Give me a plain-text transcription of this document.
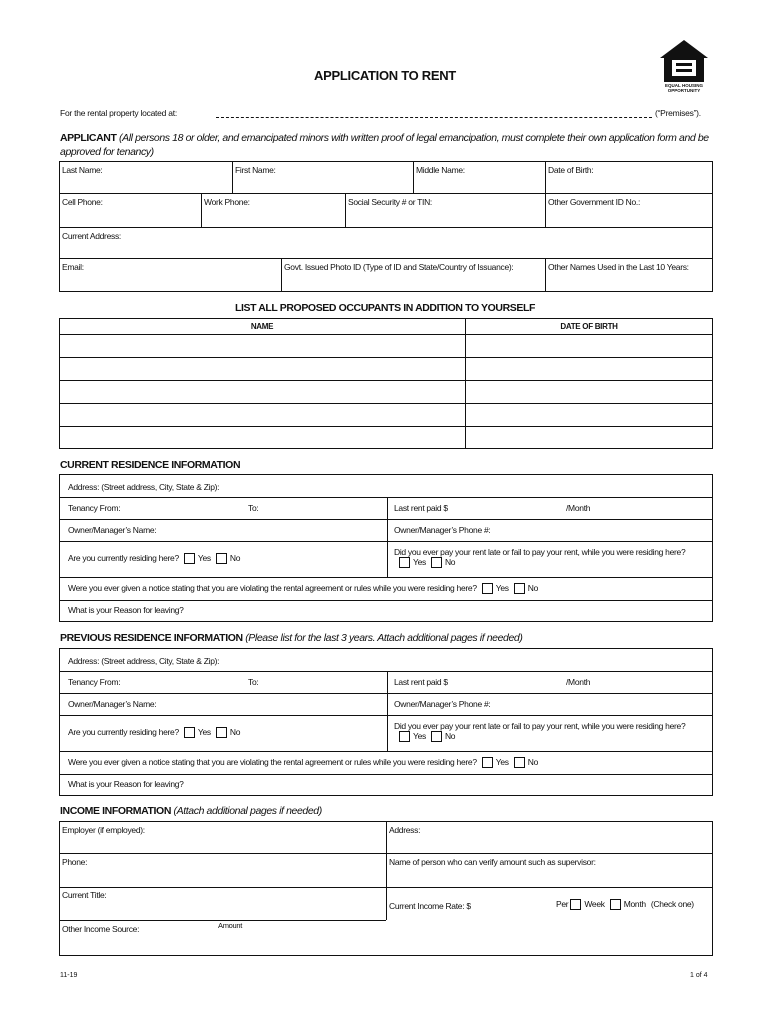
APPLICATION TO RENT
EQUAL HOUSING OPPORTUNITY
For the rental property located at:	(“Premises”).
APPLICANT (All persons 18 or older, and emancipated minors with written proof of legal emancipation, must complete their own application form and be approved for tenancy)
Last Name:	First Name:	Middle Name:	Date of Birth:
Cell Phone:	Work Phone:	Social Security # or TIN:	Other Government ID No.:
Current Address:
Email:	Govt. Issued Photo ID (Type of ID and State/Country of Issuance):	Other Names Used in the Last 10 Years:
LIST ALL PROPOSED OCCUPANTS IN ADDITION TO YOURSELF
NAME	DATE OF BIRTH
CURRENT RESIDENCE INFORMATION
Address: (Street address, City, State & Zip):
Tenancy From:	To:	Last rent paid $	/Month
Owner/Manager’s Name:	Owner/Manager’s Phone #:
Are you currently residing here? Yes No
Did you ever pay your rent late or fail to pay your rent, while you were residing here?Yes No
Were you ever given a notice stating that you are violating the rental agreement or rules while you were residing here? Yes No
What is your Reason for leaving?
PREVIOUS RESIDENCE INFORMATION (Please list for the last 3 years. Attach additional pages if needed)
Address: (Street address, City, State & Zip):
Tenancy From:	To:	Last rent paid $	/Month
Owner/Manager’s Name:	Owner/Manager’s Phone #:
Are you currently residing here? Yes No
Did you ever pay your rent late or fail to pay your rent, while you were residing here?Yes No
Were you ever given a notice stating that you are violating the rental agreement or rules while you were residing here? Yes No
What is your Reason for leaving?
INCOME INFORMATION (Attach additional pages if needed)
Employer (if employed):	Address:
Phone:	Name of person who can verify amount such as supervisor:
Current Title:
Current Income Rate: $	Per Week Month (Check one)
Other Income Source:	Amount
11-19	1 of 4
